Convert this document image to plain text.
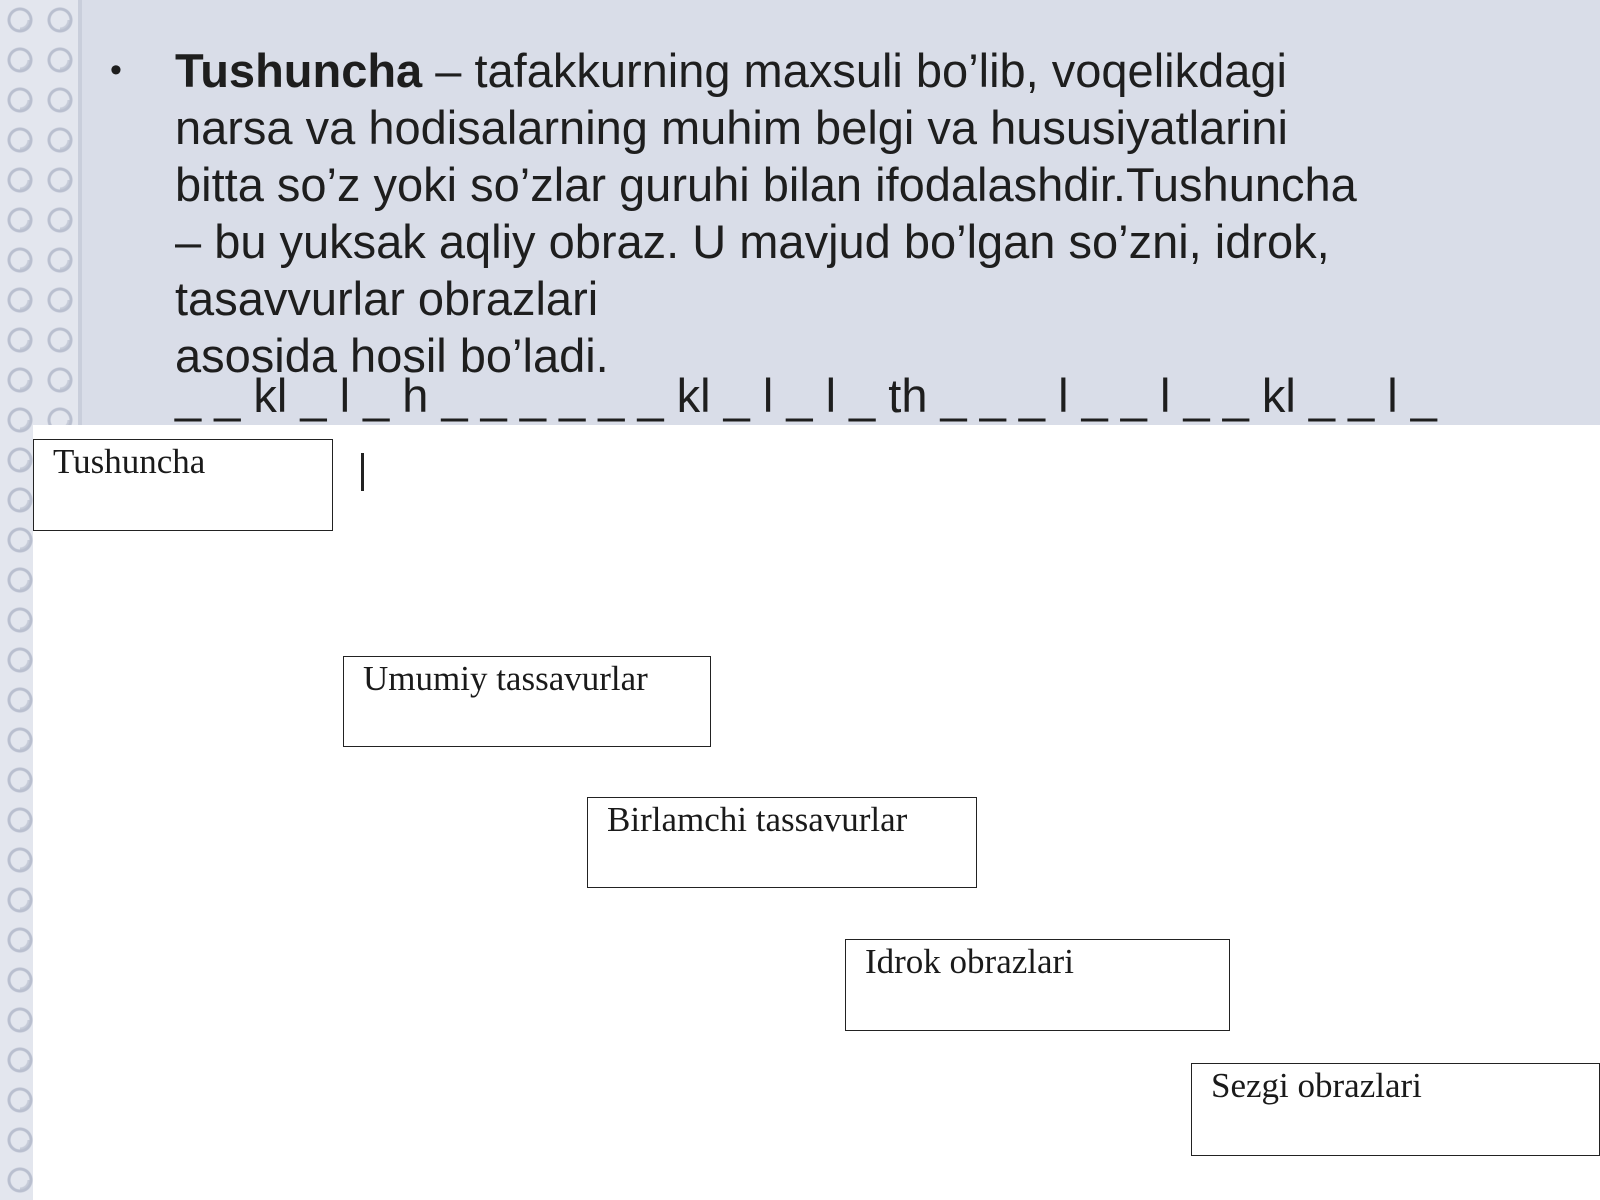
•	Tushuncha – tafakkurning maxsuli bo’lib, voqelikdagi
narsa va hodisalarning muhim belgi va hususiyatlarini
bitta so’z yoki so’zlar guruhi bilan ifodalashdir.Tushuncha
– bu yuksak aqliy obraz. U mavjud bo’lgan so’zni, idrok,
tasavvurlar obrazlari
asosida hosil bo’ladi.
_ _ kl _ l _ h _ _ _ _ _ _ kl _ l _ l _ th _ _ _ l _ _ l _ _ kl _ _ l _
Tushuncha
Umumiy tassavurlar
Birlamchi tassavurlar
Idrok obrazlari
Sezgi obrazlari
